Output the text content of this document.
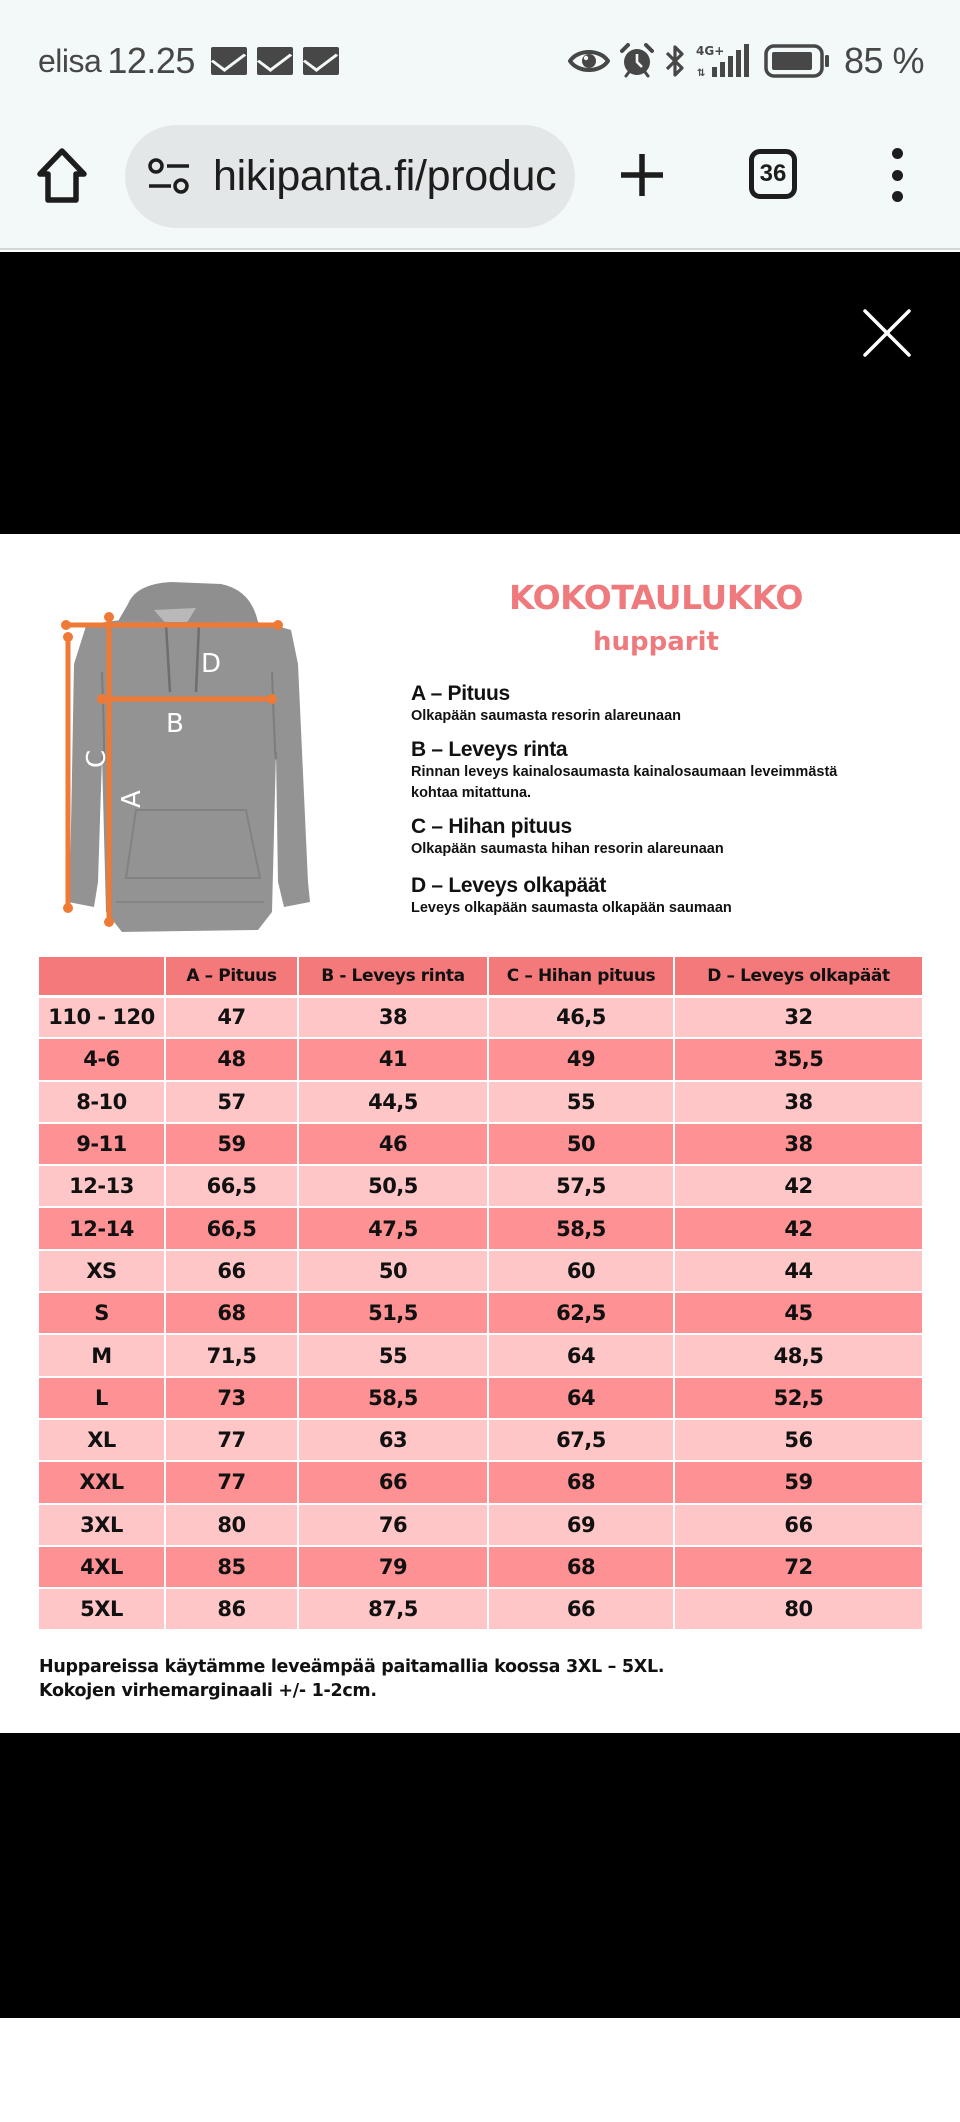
elisa 12.25	4G+
⇅	85 %
hikipanta.fi/produc	36
D
B
C
A
KOKOTAULUKKO
hupparit
A – Pituus
Olkapään saumasta resorin alareunaan
B – Leveys rinta
Rinnan leveys kainalosaumasta kainalosaumaan leveimmästä
kohtaa mitattuna.
C – Hihan pituus
Olkapään saumasta hihan resorin alareunaan
D – Leveys olkapäät
Leveys olkapään saumasta olkapään saumaan
	A – Pituus	B - Leveys rinta	C – Hihan pituus	D – Leveys olkapäät
110 - 120	47	38	46,5	32
4-6	48	41	49	35,5
8-10	57	44,5	55	38
9-11	59	46	50	38
12-13	66,5	50,5	57,5	42
12-14	66,5	47,5	58,5	42
XS	66	50	60	44
S	68	51,5	62,5	45
M	71,5	55	64	48,5
L	73	58,5	64	52,5
XL	77	63	67,5	56
XXL	77	66	68	59
3XL	80	76	69	66
4XL	85	79	68	72
5XL	86	87,5	66	80
Huppareissa käytämme leveämpää paitamallia koossa 3XL – 5XL.
Kokojen virhemarginaali +/- 1-2cm.
